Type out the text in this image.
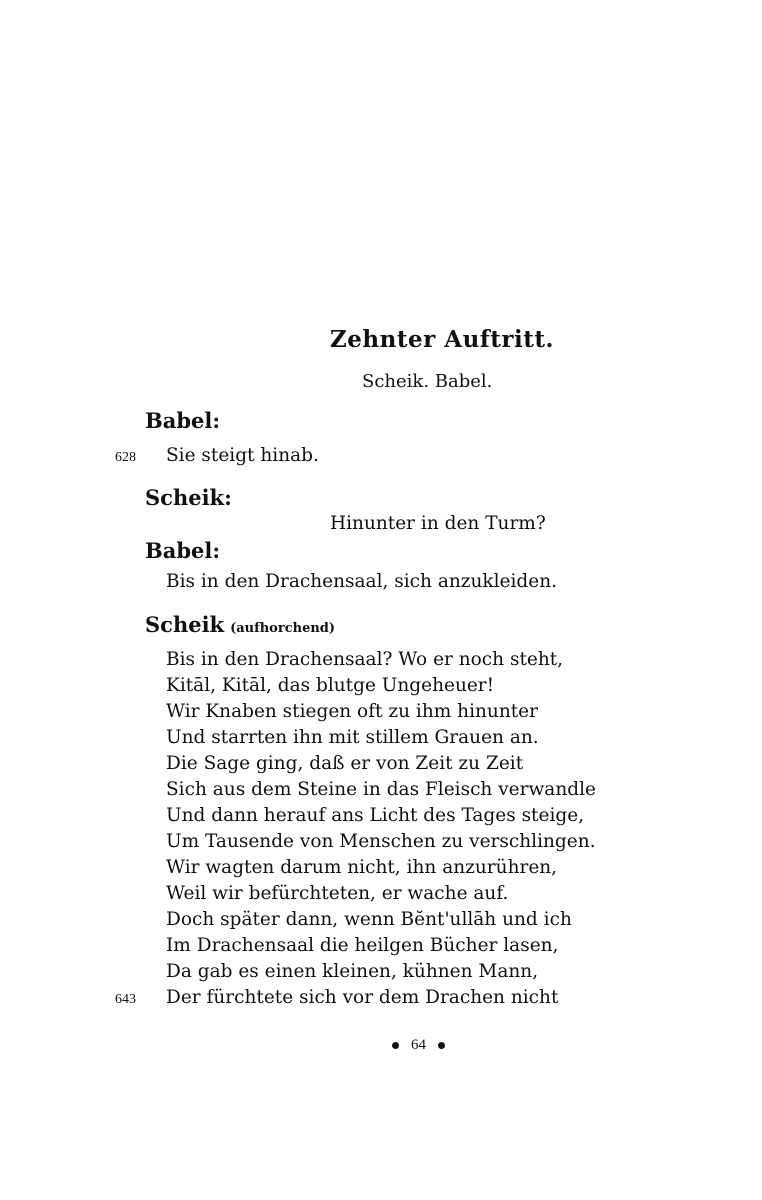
Zehnter Auftritt.
Scheik. Babel.
Babel:
628 Sie steigt hinab.
Scheik:
Hinunter in den Turm?
Babel:
Bis in den Drachensaal, sich anzukleiden.
Scheik (aufhorchend)
Bis in den Drachensaal? Wo er noch steht,
Kitāl, Kitāl, das blutge Ungeheuer!
Wir Knaben stiegen oft zu ihm hinunter
Und starrten ihn mit stillem Grauen an.
Die Sage ging, daß er von Zeit zu Zeit
Sich aus dem Steine in das Fleisch verwandle
Und dann herauf ans Licht des Tages steige,
Um Tausende von Menschen zu verschlingen.
Wir wagten darum nicht, ihn anzurühren,
Weil wir befürchteten, er wache auf.
Doch später dann, wenn Bĕnt'ullāh und ich
Im Drachensaal die heilgen Bücher lasen,
Da gab es einen kleinen, kühnen Mann,
643 Der fürchtete sich vor dem Drachen nicht
64
